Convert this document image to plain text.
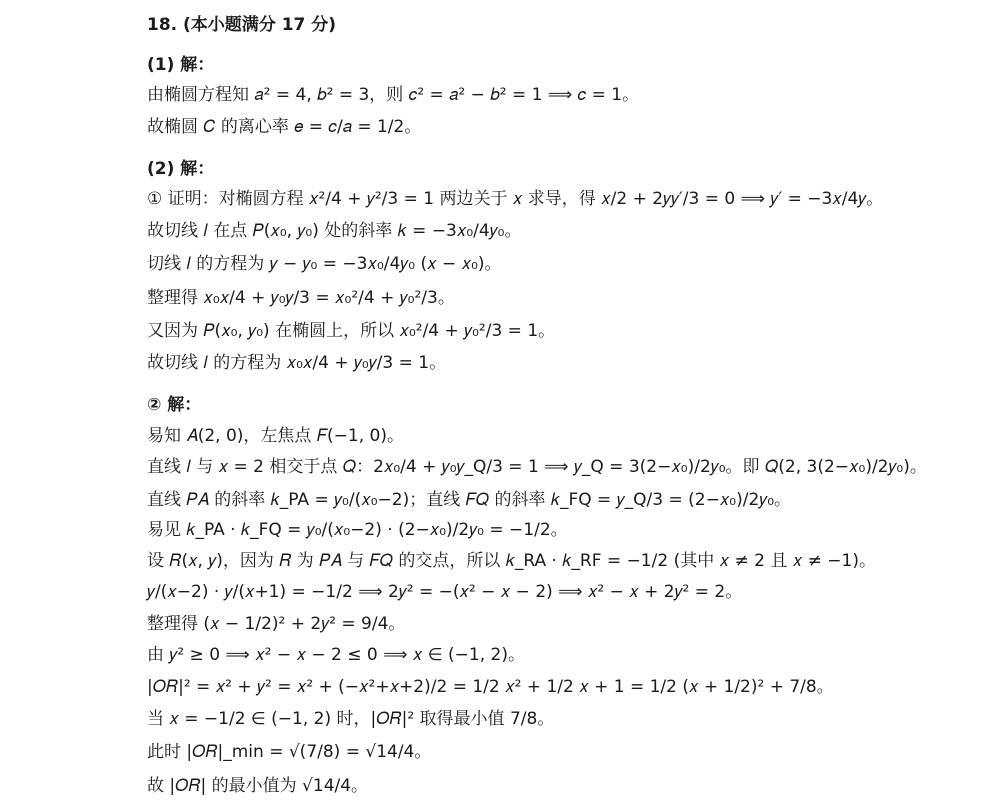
18. (本小题满分 17 分)
(1) 解：
由椭圆方程知 𝑎² = 4, 𝑏² = 3，则 𝑐² = 𝑎² − 𝑏² = 1 ⟹ 𝑐 = 1。
故椭圆 𝐶 的离心率 𝑒 = 𝑐/𝑎 = 1/2。
(2) 解：
① 证明：对椭圆方程 𝑥²/4 + 𝑦²/3 = 1 两边关于 𝑥 求导，得 𝑥/2 + 2𝑦𝑦′/3 = 0 ⟹ 𝑦′ = −3𝑥/4𝑦。
故切线 𝑙 在点 𝑃(𝑥₀, 𝑦₀) 处的斜率 𝑘 = −3𝑥₀/4𝑦₀。
切线 𝑙 的方程为 𝑦 − 𝑦₀ = −3𝑥₀/4𝑦₀ (𝑥 − 𝑥₀)。
整理得 𝑥₀𝑥/4 + 𝑦₀𝑦/3 = 𝑥₀²/4 + 𝑦₀²/3。
又因为 𝑃(𝑥₀, 𝑦₀) 在椭圆上，所以 𝑥₀²/4 + 𝑦₀²/3 = 1。
故切线 𝑙 的方程为 𝑥₀𝑥/4 + 𝑦₀𝑦/3 = 1。
② 解：
易知 𝐴(2, 0)，左焦点 𝐹(−1, 0)。
直线 𝑙 与 𝑥 = 2 相交于点 𝑄：2𝑥₀/4 + 𝑦₀𝑦_Q/3 = 1 ⟹ 𝑦_Q = 3(2−𝑥₀)/2𝑦₀。即 𝑄(2, 3(2−𝑥₀)/2𝑦₀)。
直线 𝑃𝐴 的斜率 𝑘_PA = 𝑦₀/(𝑥₀−2)；直线 𝐹𝑄 的斜率 𝑘_FQ = 𝑦_Q/3 = (2−𝑥₀)/2𝑦₀。
易见 𝑘_PA · 𝑘_FQ = 𝑦₀/(𝑥₀−2) · (2−𝑥₀)/2𝑦₀ = −1/2。
设 𝑅(𝑥, 𝑦)，因为 𝑅 为 𝑃𝐴 与 𝐹𝑄 的交点，所以 𝑘_RA · 𝑘_RF = −1/2 (其中 𝑥 ≠ 2 且 𝑥 ≠ −1)。
𝑦/(𝑥−2) · 𝑦/(𝑥+1) = −1/2 ⟹ 2𝑦² = −(𝑥² − 𝑥 − 2) ⟹ 𝑥² − 𝑥 + 2𝑦² = 2。
整理得 (𝑥 − 1/2)² + 2𝑦² = 9/4。
由 𝑦² ≥ 0 ⟹ 𝑥² − 𝑥 − 2 ≤ 0 ⟹ 𝑥 ∈ (−1, 2)。
|𝑂𝑅|² = 𝑥² + 𝑦² = 𝑥² + (−𝑥²+𝑥+2)/2 = 1/2 𝑥² + 1/2 𝑥 + 1 = 1/2 (𝑥 + 1/2)² + 7/8。
当 𝑥 = −1/2 ∈ (−1, 2) 时，|𝑂𝑅|² 取得最小值 7/8。
此时 |𝑂𝑅|_min = √(7/8) = √14/4。
故 |𝑂𝑅| 的最小值为 √14/4。
